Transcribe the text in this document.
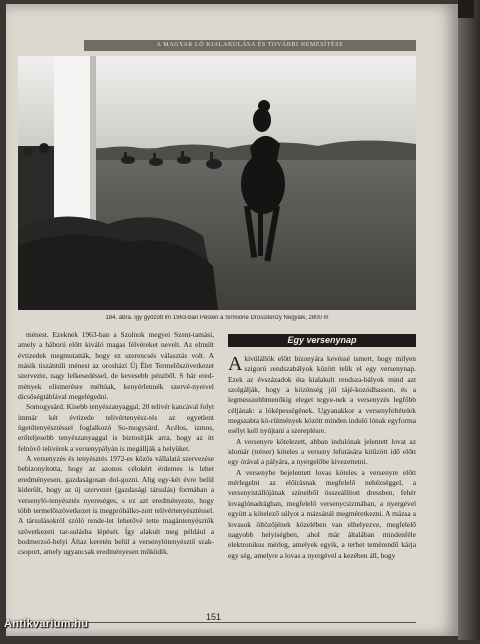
A MAGYAR LÓ KIALAKULÁSA ÉS TOVÁBBI NEMESÍTÉSE
184. ábra. Így győzött im 1963-ban Pesten a Sirmione Drossitenzy Negyáik, 2800 m

ménest. Ezeknek 1963-ban a Szolnok megyei Szent-tamási, amely a háború előtt kiváló magas félvéreket nevelt. Az elmúlt évtizedek megmutatták, hogy ez szerencsés választás volt. A másik tiszántúli ménest az orosházi Új Élet Termelőszövetkezet szervezte, nagy lelkesedéssel, de kevesebb pénzből. S bár ered-mények elismerésre méltóak, kenyérlennék szervé-nyeivel dicsőségtáblával megelégedni.

Somogysárd. Kisebb tenyészanyaggal, 20 telivér kancával folyt immár két évtizede telivértenyész-tés az egyetlent ügetőtenyésztéssel foglalkozó So-mogysárd. Acélos, izmos, erőteljesebb tenyészanyaggal is biztosítják arra, hogy az itt felnövő telivérek a versenypályán is megállják a helyüket.

A versenyzés és tenyésztés 1972-es közös vállalatá szervezése bebizonyította, hogy az azonos célokért érdemes is lehet eredményesen, gazdaságosan dol-gozni. Alig egy-két évre belül kiderült, hogy az új szervezet (gazdasági társulás) formában a versenyló-tenyésztés nyereséges, s ez azt eredményezte, hogy több termelőszövetkezet is megpróbálko-zott telivértenyésztéssel. A társulásokról szóló rende-let lehetővé tette magántenyésztők szövetkezeti tar-sulásba lépését. Így alakult meg például a bodmerzsó-helyi Áltaz keretén belül a versenylótenyésztő szak-csoport, amely ugyancsak eredményesen működik.

Egy versenynap

A kívülállók előtt bizonyára kevéssé ismert, hogy milyen szigorú rendszabályok között telik el egy versenynap. Ezek az évszázadok óta kialakult rendsza-bályok mind azt szolgálják, hogy a közönség jól tájé-kozódhasson, és a legmesszebbmenőkig eleget tegye-nek a versenyzés legfőbb céljának: a lóképességének. Ugyanakkor a versenyfeltételek megszabta kö-rülmények között minden induló lónak egyforma esélyt kell nyújtani a szereplésre.

A versenyre kötelezett, abban indulónak jelentett lovat az idomár (tréner) köteles a verseny lefutására kitűzött idő előtt egy órával a pályára, a nyergelőbe kivezettetni.

A versenybe bejelentett lovas köteles a versenyre előtt mérlegelni az előírásnak megfelelő nehézséggel, a versenyistállójának színeiből összeállított dressben, fehér lovaglónadrágban, megfelelő versenycsizmában, a nyergével együtt a kötelező súlyot a mázsánál megméretkezni. A mázsa a lovasok öltözőjének közelében van elhelyezve, megfelelő nagyobb helyiségben, ahol már általában mindenféle elektronikus mérleg, amelyek egyik, a terhet temérendő kárja egy ség, amelyre a lovas a nyergével a kezében áll, hogy

151
Antikvarium.hu
